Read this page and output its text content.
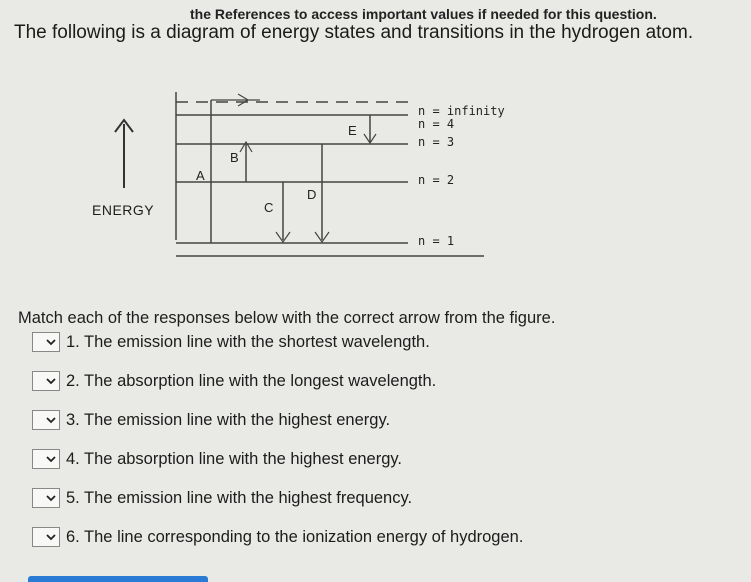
the References to access important values if needed for this question.
The following is a diagram of energy states and transitions in the hydrogen atom.
n = infinity
n = 4
n = 3
n = 2
n = 1
A
B
C
D
E
ENERGY
Match each of the responses below with the correct arrow from the figure.
1. The emission line with the shortest wavelength.
2. The absorption line with the longest wavelength.
3. The emission line with the highest energy.
4. The absorption line with the highest energy.
5. The emission line with the highest frequency.
6. The line corresponding to the ionization energy of hydrogen.
